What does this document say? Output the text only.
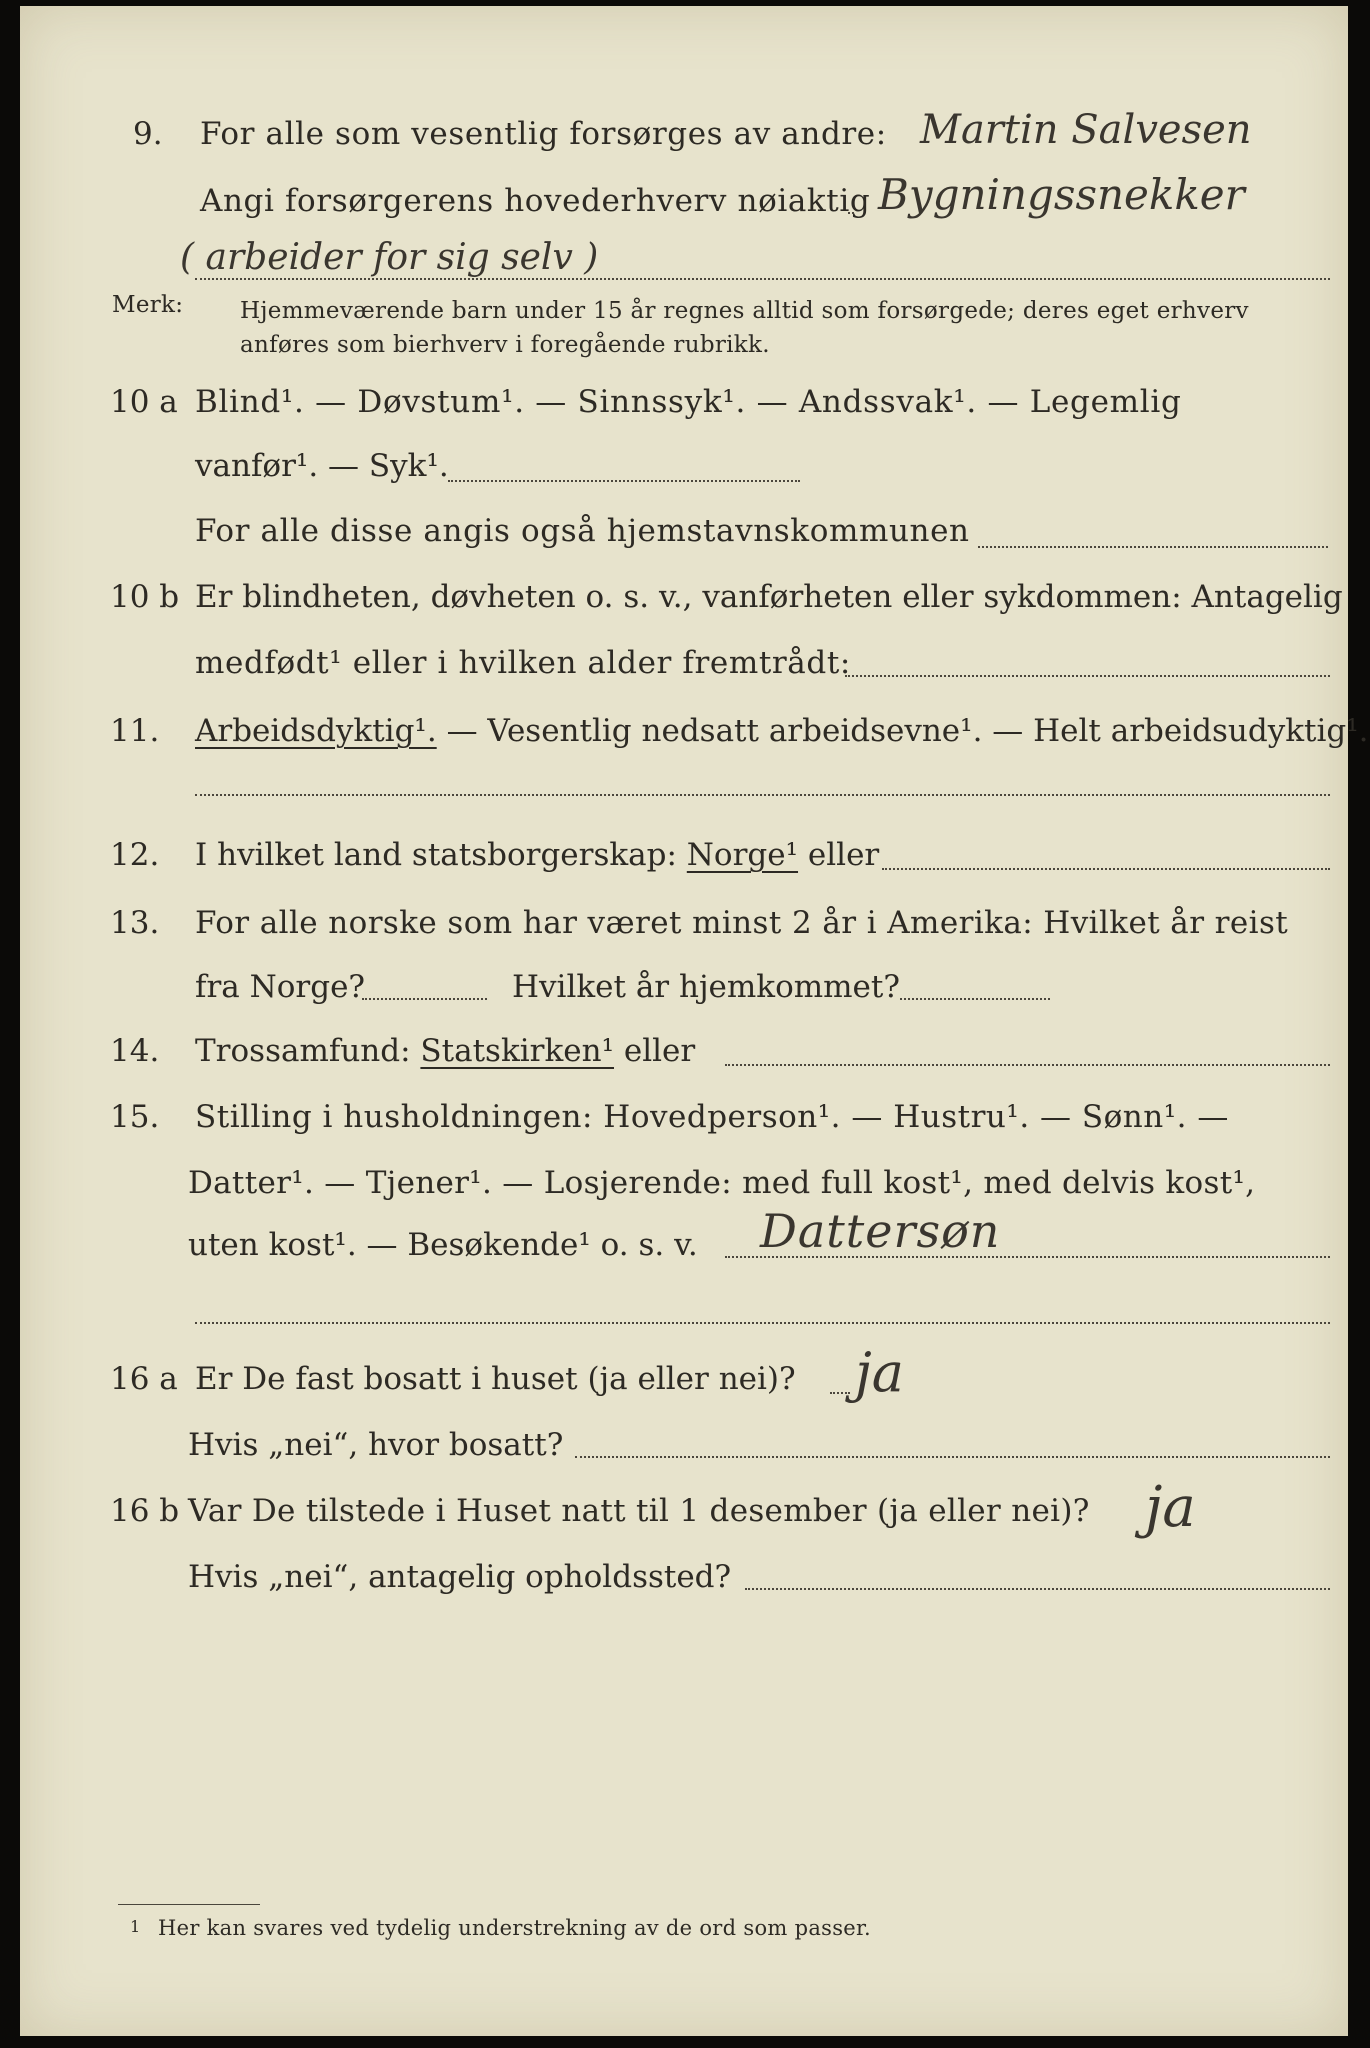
9. For alle som vesentlig forsørges av andre: Martin Salvesen
Angi forsørgerens hovederhverv nøiaktig Bygningssnekker
( arbeider for sig selv )
Merk: Hjemmeværende barn under 15 år regnes alltid som forsørgede; deres eget erhverv
anføres som bierhverv i foregående rubrikk.
10 a Blind¹. — Døvstum¹. — Sinnssyk¹. — Andssvak¹. — Legemlig
vanfør¹. — Syk¹.
For alle disse angis også hjemstavnskommunen
10 b Er blindheten, døvheten o. s. v., vanførheten eller sykdommen: Antagelig
medfødt¹ eller i hvilken alder fremtrådt:
11. Arbeidsdyktig¹. — Vesentlig nedsatt arbeidsevne¹. — Helt arbeidsudyktig¹.
12. I hvilket land statsborgerskap: Norge¹ eller
13. For alle norske som har været minst 2 år i Amerika: Hvilket år reist
fra Norge?	Hvilket år hjemkommet?
14. Trossamfund: Statskirken¹ eller
15. Stilling i husholdningen: Hovedperson¹. — Hustru¹. — Sønn¹. —
Datter¹. — Tjener¹. — Losjerende: med full kost¹, med delvis kost¹,
uten kost¹. — Besøkende¹ o. s. v. Dattersøn
16 a Er De fast bosatt i huset (ja eller nei)? ja
Hvis „nei“, hvor bosatt?
16 b Var De tilstede i Huset natt til 1 desember (ja eller nei)? ja
Hvis „nei“, antagelig opholdssted?
1 Her kan svares ved tydelig understrekning av de ord som passer.
